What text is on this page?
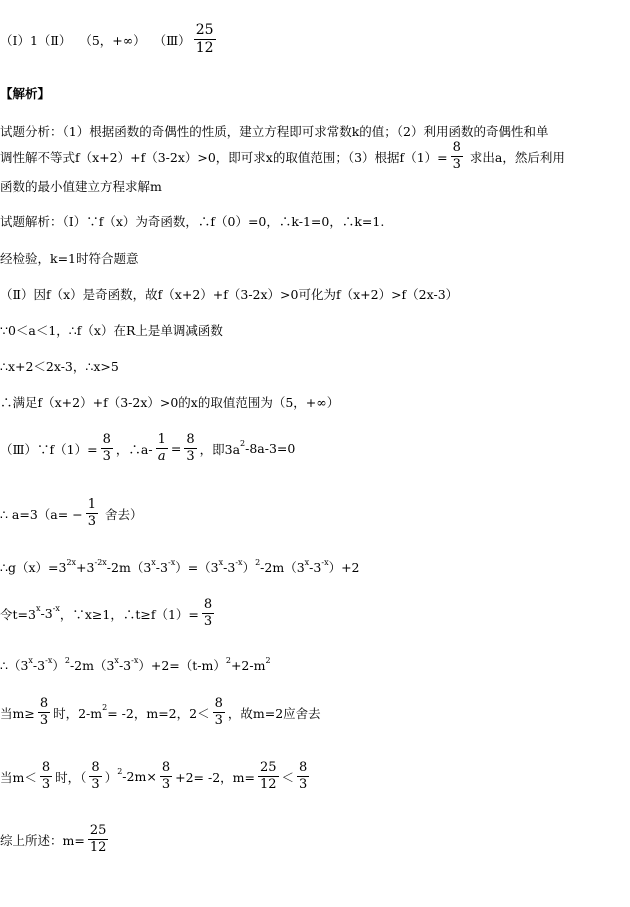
（Ⅰ）1（Ⅱ）  （5，+∞）  （Ⅲ） $\frac{25}{12}$
【解析】
试题分析：（1）根据函数的奇偶性的性质，建立方程即可求常数k的值；（2）利用函数的奇偶性和单
调性解不等式f（x+2）+f（3-2x）>0，即可求x的取值范围；（3）根据$f(1)= \frac{8}{3}$ 求出a，然后利用
函数的最小值建立方程求解m
试题解析：（Ⅰ）∵f（x）为奇函数，∴f（0）=0，∴k-1=0，∴k=1.
经检验，k=1时符合题意
（Ⅱ）因f（x）是奇函数，故f（x+2）+f（3-2x）>0可化为f（x+2）>f（2x-3）
∵0＜a＜1，∴f（x）在R上是单调减函数
∴x+2＜2x-3，∴x>5
∴满足f（x+2）+f（3-2x）>0的x的取值范围为（5，+∞）
（Ⅲ）∵f（1）= $\frac{8}{3}$ ，∴a- $\frac{1}{a} = \frac{8}{3}$ ，即3a 2 -8a-3=0
∴ $a=3(a= - \frac{1}{3}$ 舍去）
∴g（x）=3 2x +3 -2x -2m（3 x -3 -x ）=（3 x -3 -x ） 2 -2m（3 x -3 -x ）+2
令t=3 x -3 -x ，∵x≥1，∴t≥f（1）= $\frac{8}{3}$
∴（3 x -3 -x ） 2 -2m（3 x -3 -x ）+2=（t-m） 2 +2-m 2
当$m\ge \frac{8}{3}$ 时，2-m 2 = -2，m=2，$2< \frac{8}{3}$ ，故m=2应舍去
当$m< \frac{8}{3}$ 时，（ $\frac{8}{3}$ ） 2 $-2m\times \frac{8}{3} +2= -2$，$m= \frac{25}{12} < \frac{8}{3}$
综上所述：$m= \frac{25}{12}$
